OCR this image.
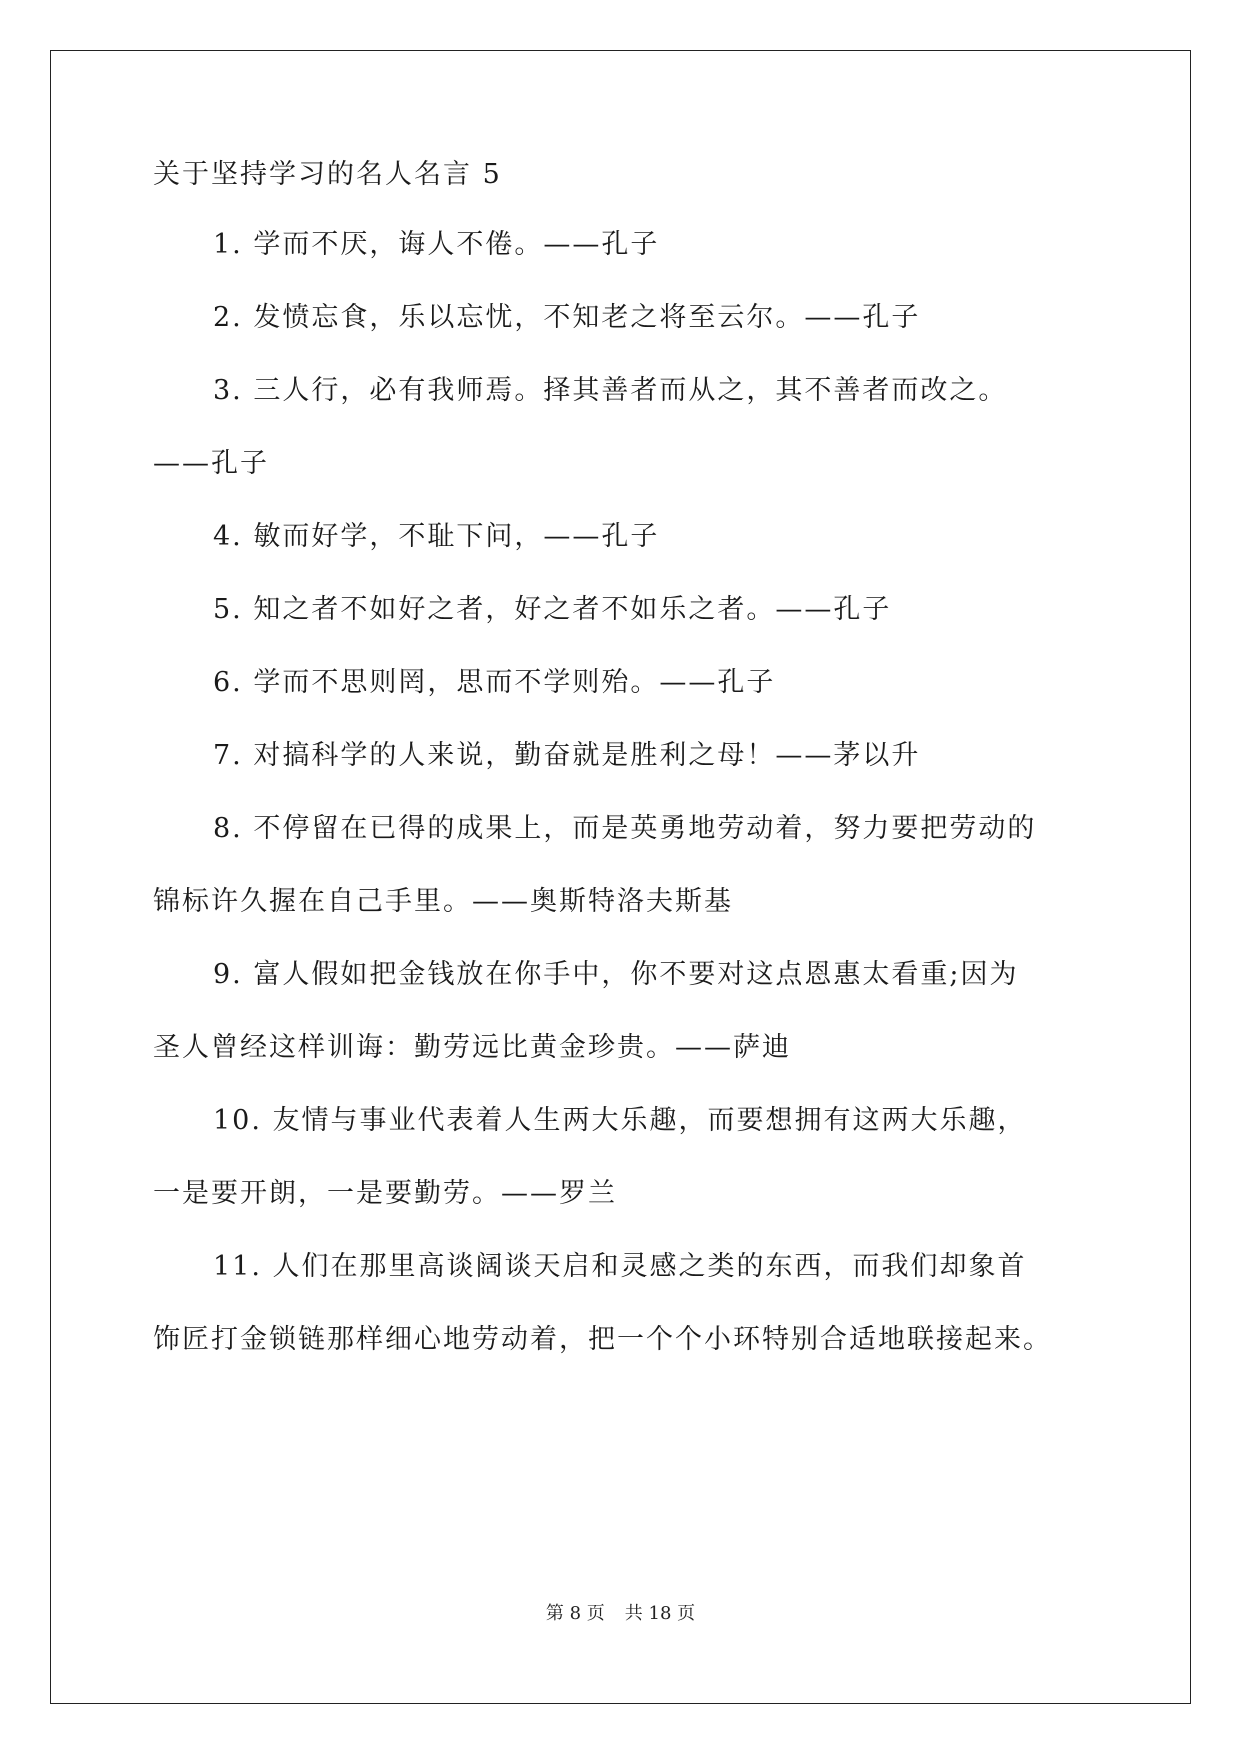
关于坚持学习的名人名言 5
1. 学而不厌，诲人不倦。——孔子
2. 发愤忘食，乐以忘忧，不知老之将至云尔。——孔子
3. 三人行，必有我师焉。择其善者而从之，其不善者而改之。
——孔子
4. 敏而好学，不耻下问，——孔子
5. 知之者不如好之者，好之者不如乐之者。——孔子
6. 学而不思则罔，思而不学则殆。——孔子
7. 对搞科学的人来说，勤奋就是胜利之母！——茅以升
8. 不停留在已得的成果上，而是英勇地劳动着，努力要把劳动的
锦标许久握在自己手里。——奥斯特洛夫斯基
9. 富人假如把金钱放在你手中，你不要对这点恩惠太看重;因为
圣人曾经这样训诲：勤劳远比黄金珍贵。——萨迪
10. 友情与事业代表着人生两大乐趣，而要想拥有这两大乐趣，
一是要开朗，一是要勤劳。——罗兰
11. 人们在那里高谈阔谈天启和灵感之类的东西，而我们却象首
饰匠打金锁链那样细心地劳动着，把一个个小环特别合适地联接起来。
第 8 页 共 18 页
